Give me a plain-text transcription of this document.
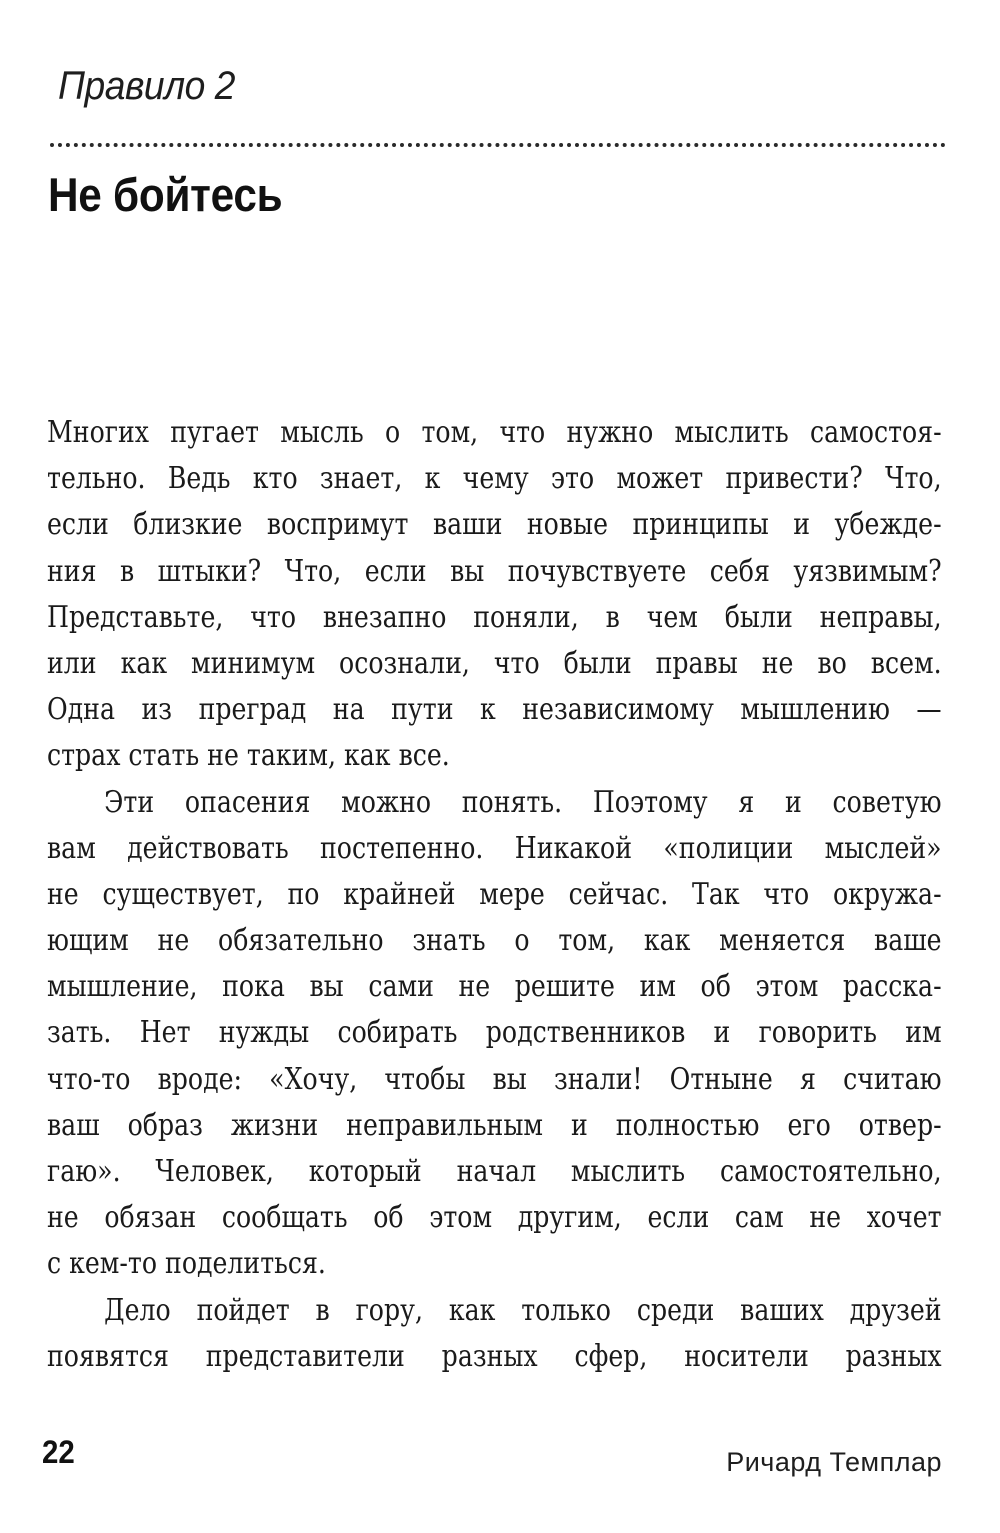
Правило 2
Не бойтесь
Многих пугает мысль о том, что нужно мыслить самостоя-
тельно. Ведь кто знает, к чему это может привести? Что,
если близкие воспримут ваши новые принципы и убежде-
ния в штыки? Что, если вы почувствуете себя уязвимым?
Представьте, что внезапно поняли, в чем были неправы,
или как минимум осознали, что были правы не во всем.
Одна из преград на пути к независимому мышлению —
страх стать не таким, как все.
Эти опасения можно понять. Поэтому я и советую
вам действовать постепенно. Никакой «полиции мыслей»
не существует, по крайней мере сейчас. Так что окружа-
ющим не обязательно знать о том, как меняется ваше
мышление, пока вы сами не решите им об этом расска-
зать. Нет нужды собирать родственников и говорить им
что-то вроде: «Хочу, чтобы вы знали! Отныне я считаю
ваш образ жизни неправильным и полностью его отвер-
гаю». Человек, который начал мыслить самостоятельно,
не обязан сообщать об этом другим, если сам не хочет
с кем-то поделиться.
Дело пойдет в гору, как только среди ваших друзей
появятся представители разных сфер, носители разных
22	Ричард Темплар
